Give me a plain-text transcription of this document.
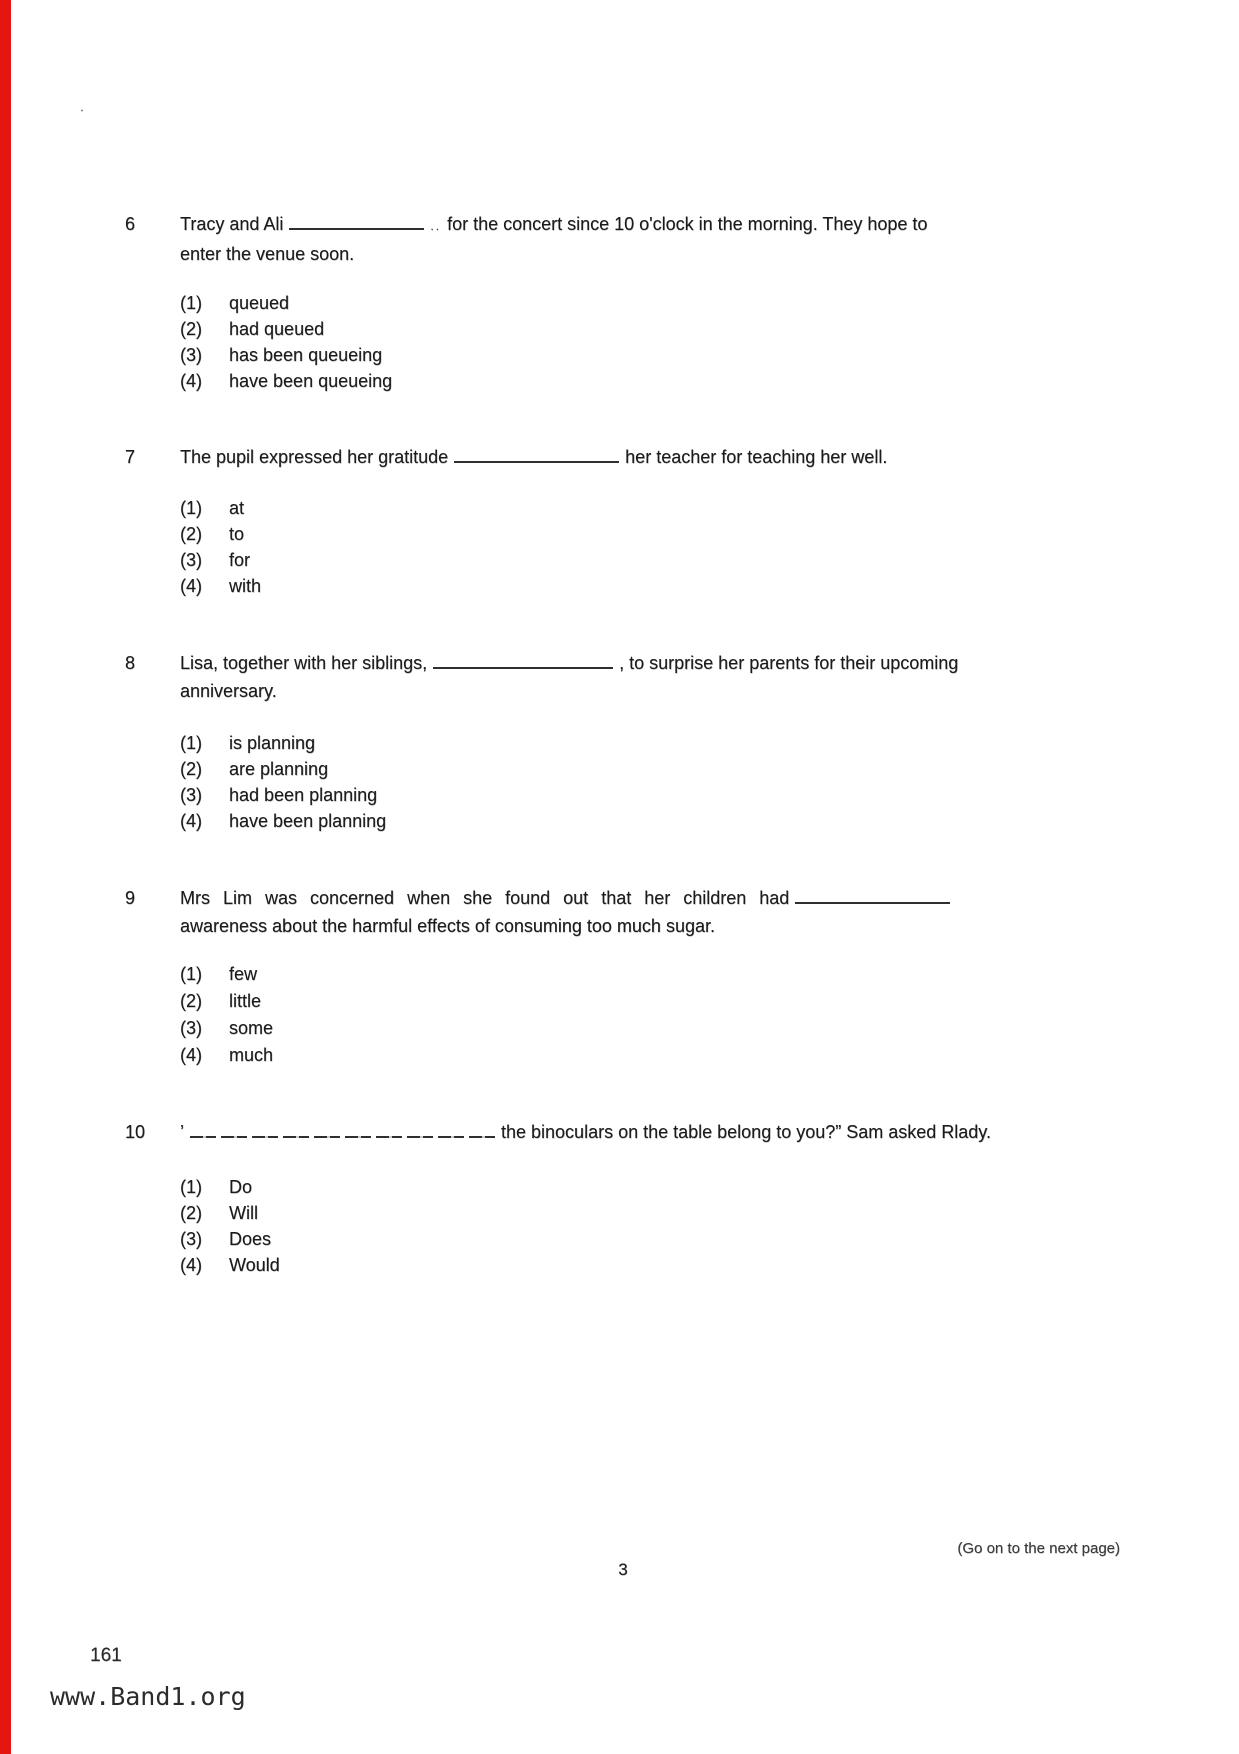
.
6	Tracy and Ali	.. for the concert since 10 o'clock in the morning. They hope to

enter the venue soon.

(1)	queued
(2)	had queued
(3)	has been queueing
(4)	have been queueing
7	The pupil expressed her gratitude	her teacher for teaching her well.

(1)	at
(2)	to
(3)	for
(4)	with
8	Lisa, together with her siblings,	, to surprise her parents for their upcoming

anniversary.

(1)	is planning
(2)	are planning
(3)	had been planning
(4)	have been planning
9	Mrs Lim was concerned when she found out that her children had

awareness about the harmful effects of consuming too much sugar.

(1)	few
(2)	little
(3)	some
(4)	much
10	’	the binoculars on the table belong to you?” Sam asked Rlady.

(1)	Do
(2)	Will
(3)	Does
(4)	Would
(Go on to the next page)
3
161
www.Band1.org
